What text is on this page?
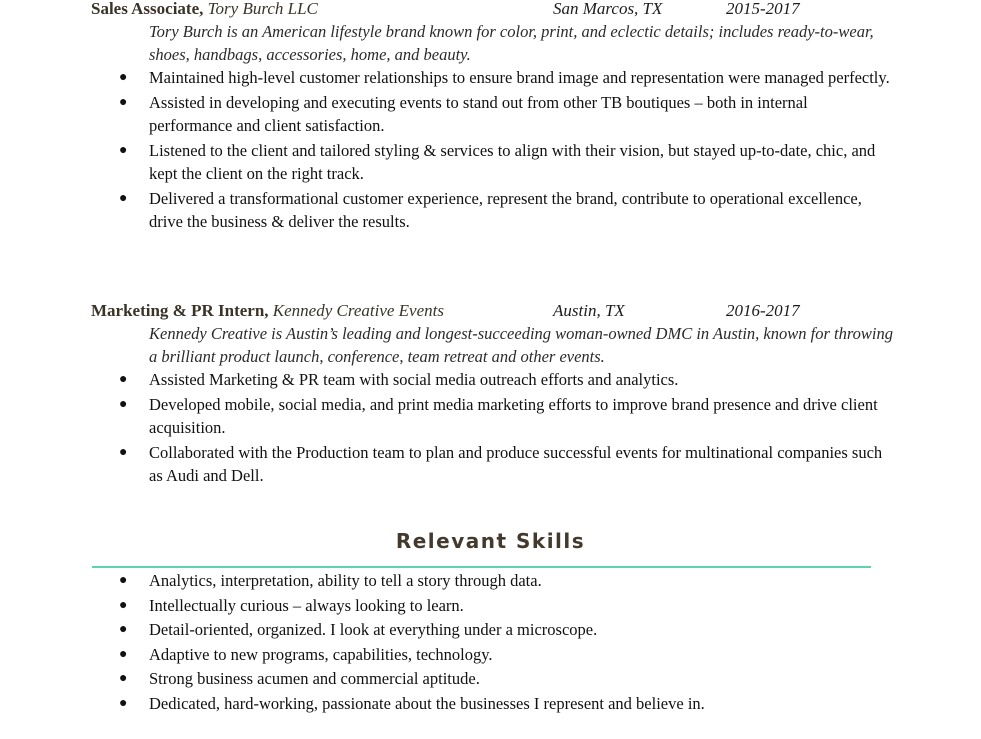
Sales Associate, Tory Burch LLC	San Marcos, TX	2015-2017

Tory Burch is an American lifestyle brand known for color, print, and eclectic details; includes ready-to-wear, shoes, handbags, accessories, home, and beauty.

● Maintained high-level customer relationships to ensure brand image and representation were managed perfectly.
● Assisted in developing and executing events to stand out from other TB boutiques – both in internal performance and client satisfaction.
● Listened to the client and tailored styling & services to align with their vision, but stayed up-to-date, chic, and kept the client on the right track.
● Delivered a transformational customer experience, represent the brand, contribute to operational excellence, drive the business & deliver the results.
Marketing & PR Intern, Kennedy Creative Events	Austin, TX	2016-2017

Kennedy Creative is Austin’s leading and longest-succeeding woman-owned DMC in Austin, known for throwing a brilliant product launch, conference, team retreat and other events.

● Assisted Marketing & PR team with social media outreach efforts and analytics.
● Developed mobile, social media, and print media marketing efforts to improve brand presence and drive client acquisition.
● Collaborated with the Production team to plan and produce successful events for multinational companies such as Audi and Dell.
Relevant Skills
● Analytics, interpretation, ability to tell a story through data.
● Intellectually curious – always looking to learn.
● Detail-oriented, organized. I look at everything under a microscope.
● Adaptive to new programs, capabilities, technology.
● Strong business acumen and commercial aptitude.
● Dedicated, hard-working, passionate about the businesses I represent and believe in.
